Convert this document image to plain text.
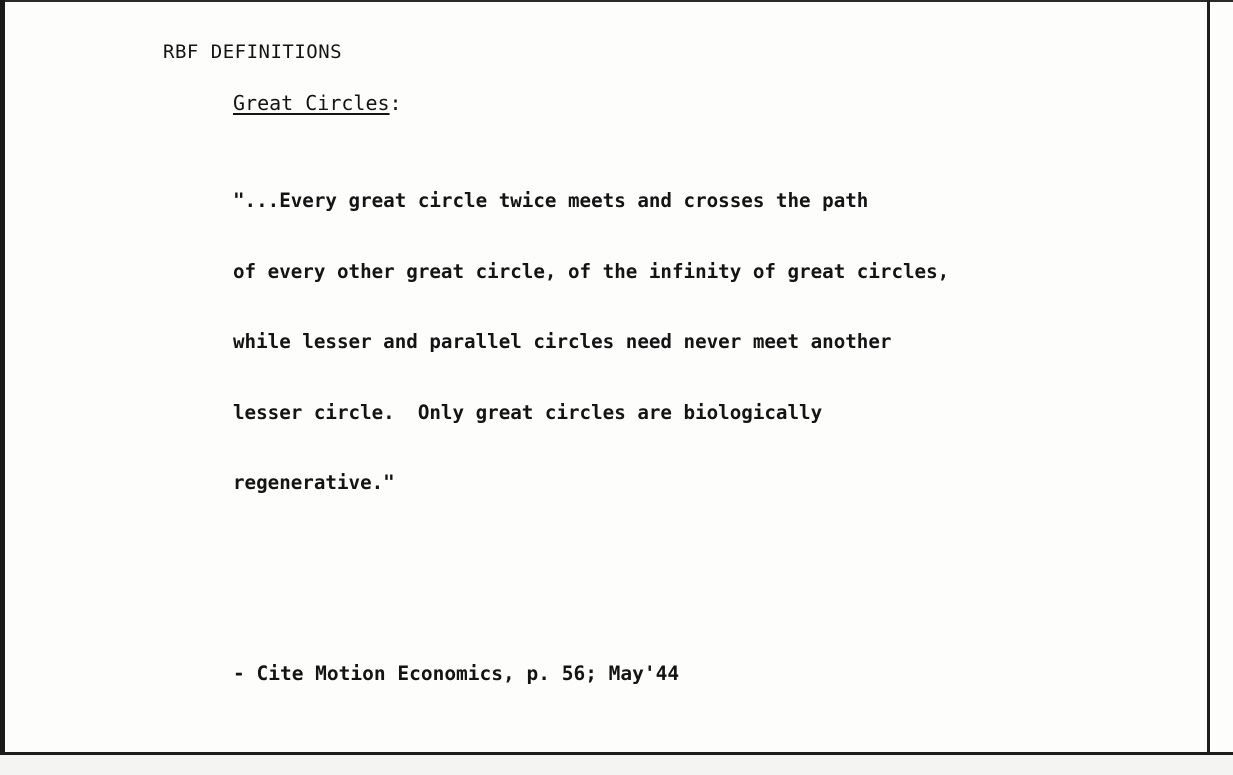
RBF DEFINITIONS

Great Circles:

"...Every great circle twice meets and crosses the path

of every other great circle, of the infinity of great circles,

while lesser and parallel circles need never meet another

lesser circle.  Only great circles are biologically

regenerative."

- Cite Motion Economics, p. 56; May'44
